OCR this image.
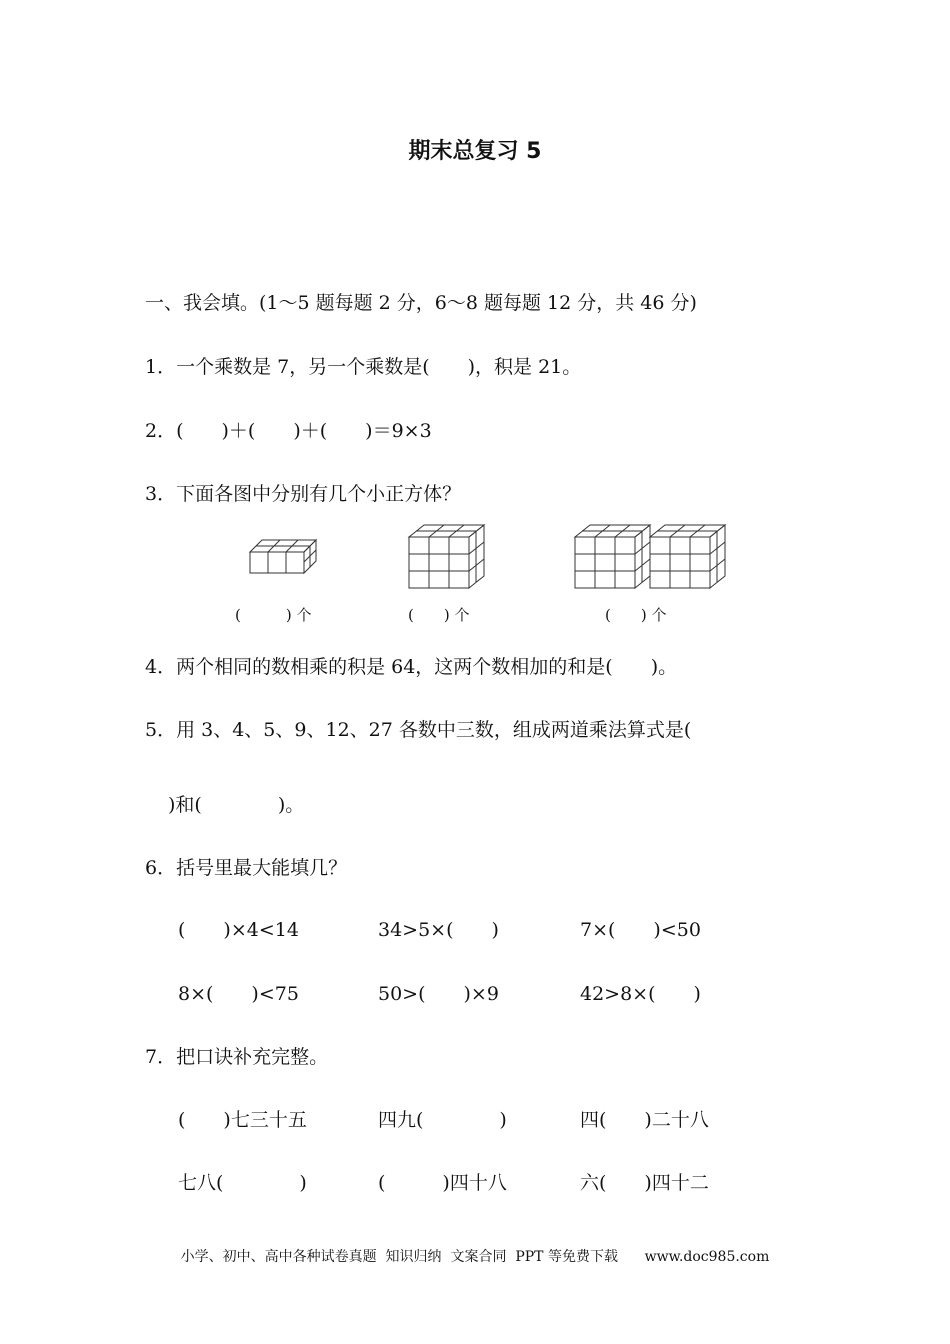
期末总复习 5
一、我会填。(1～5 题每题 2 分，6～8 题每题 12 分，共 46 分)
1．一个乘数是 7，另一个乘数是(　　)，积是 21。
2．(　　)＋(　　)＋(　　)＝9×3
3．下面各图中分别有几个小正方体？
(　　　) 个	(　　) 个	(　　) 个
4．两个相同的数相乘的积是 64，这两个数相加的和是(　　)。
5．用 3、4、5、9、12、27 各数中三数，组成两道乘法算式是(
)和(　　　　)。
6．括号里最大能填几？
(　　)×4<14	34>5×(　　)	7×(　　)<50
8×(　　)<75	50>(　　)×9	42>8×(　　)
7．把口诀补充完整。
(　　)七三十五	四九(　　　　)	四(　　)二十八
七八(　　　　)	(　　　)四十八	六(　　)四十二
小学、初中、高中各种试卷真题  知识归纳  文案合同  PPT 等免费下载      www.doc985.com
